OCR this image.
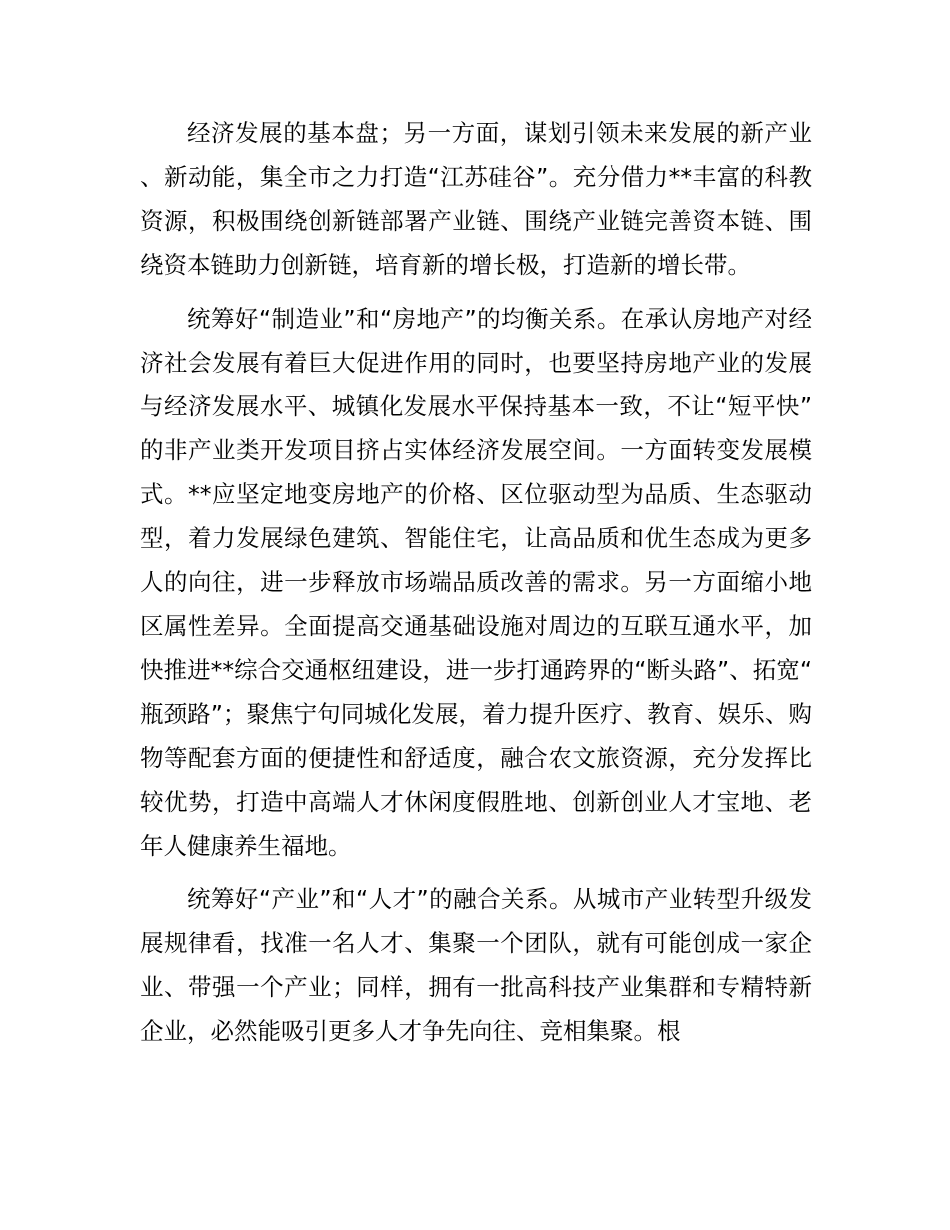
经济发展的基本盘；另一方面，谋划引领未来发展的新产业、新动能，集全市之力打造“江苏硅谷”。充分借力**丰富的科教资源，积极围绕创新链部署产业链、围绕产业链完善资本链、围绕资本链助力创新链，培育新的增长极，打造新的增长带。

统筹好“制造业”和“房地产”的均衡关系。在承认房地产对经济社会发展有着巨大促进作用的同时，也要坚持房地产业的发展与经济发展水平、城镇化发展水平保持基本一致，不让“短平快”的非产业类开发项目挤占实体经济发展空间。一方面转变发展模式。**应坚定地变房地产的价格、区位驱动型为品质、生态驱动型，着力发展绿色建筑、智能住宅，让高品质和优生态成为更多人的向往，进一步释放市场端品质改善的需求。另一方面缩小地区属性差异。全面提高交通基础设施对周边的互联互通水平，加快推进**综合交通枢纽建设，进一步打通跨界的“断头路”、拓宽“瓶颈路”；聚焦宁句同城化发展，着力提升医疗、教育、娱乐、购物等配套方面的便捷性和舒适度，融合农文旅资源，充分发挥比较优势，打造中高端人才休闲度假胜地、创新创业人才宝地、老年人健康养生福地。

统筹好“产业”和“人才”的融合关系。从城市产业转型升级发展规律看，找准一名人才、集聚一个团队，就有可能创成一家企业、带强一个产业；同样，拥有一批高科技产业集群和专精特新企业，必然能吸引更多人才争先向往、竞相集聚。根
